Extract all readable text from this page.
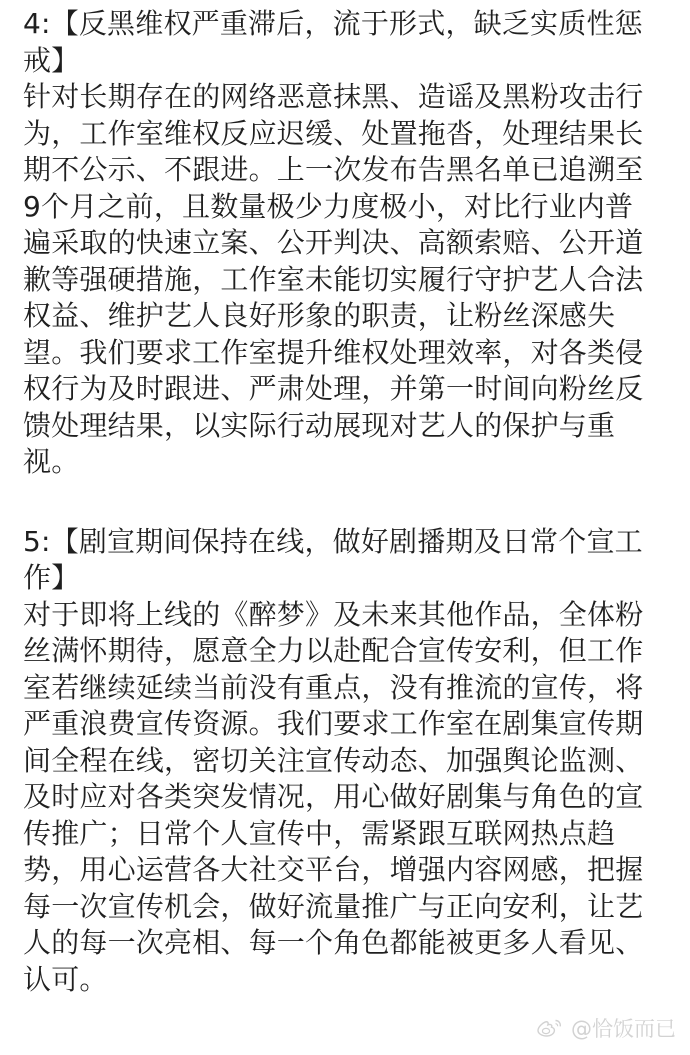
4:【反黑维权严重滞后，流于形式，缺乏实质性惩
戒】
针对长期存在的网络恶意抹黑、造谣及黑粉攻击行
为，工作室维权反应迟缓、处置拖沓，处理结果长
期不公示、不跟进。上一次发布告黑名单已追溯至
9个月之前，且数量极少力度极小，对比行业内普
遍采取的快速立案、公开判决、高额索赔、公开道
歉等强硬措施，工作室未能切实履行守护艺人合法
权益、维护艺人良好形象的职责，让粉丝深感失
望。我们要求工作室提升维权处理效率，对各类侵
权行为及时跟进、严肃处理，并第一时间向粉丝反
馈处理结果，以实际行动展现对艺人的保护与重
视。
5:【剧宣期间保持在线，做好剧播期及日常个宣工
作】
对于即将上线的《醉梦》及未来其他作品，全体粉
丝满怀期待，愿意全力以赴配合宣传安利，但工作
室若继续延续当前没有重点，没有推流的宣传，将
严重浪费宣传资源。我们要求工作室在剧集宣传期
间全程在线，密切关注宣传动态、加强舆论监测、
及时应对各类突发情况，用心做好剧集与角色的宣
传推广；日常个人宣传中，需紧跟互联网热点趋
势，用心运营各大社交平台，增强内容网感，把握
每一次宣传机会，做好流量推广与正向安利，让艺
人的每一次亮相、每一个角色都能被更多人看见、
认可。
@恰饭而已
